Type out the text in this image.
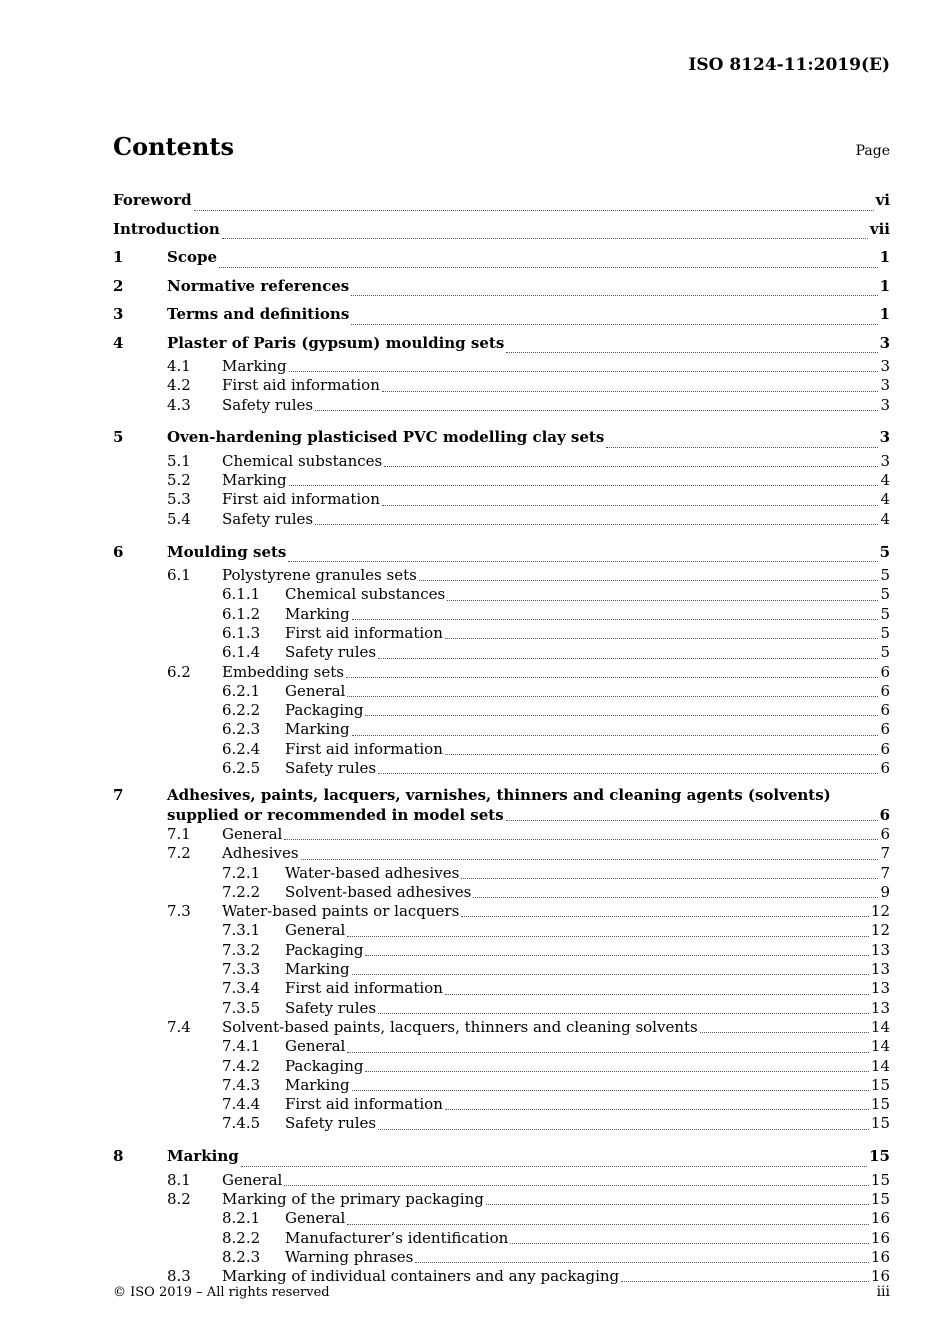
ISO 8124-11:2019(E)
Contents	Page
Foreword	vi
Introduction	vii
1	Scope	1
2	Normative references	1
3	Terms and definitions	1
4	Plaster of Paris (gypsum) moulding sets	3
4.1	Marking	3
4.2	First aid information	3
4.3	Safety rules	3
5	Oven-hardening plasticised PVC modelling clay sets	3
5.1	Chemical substances	3
5.2	Marking	4
5.3	First aid information	4
5.4	Safety rules	4
6	Moulding sets	5
6.1	Polystyrene granules sets	5
6.1.1	Chemical substances	5
6.1.2	Marking	5
6.1.3	First aid information	5
6.1.4	Safety rules	5
6.2	Embedding sets	6
6.2.1	General	6
6.2.2	Packaging	6
6.2.3	Marking	6
6.2.4	First aid information	6
6.2.5	Safety rules	6
7	Adhesives, paints, lacquers, varnishes, thinners and cleaning agents (solvents)
supplied or recommended in model sets	6
7.1	General	6
7.2	Adhesives	7
7.2.1	Water-based adhesives	7
7.2.2	Solvent-based adhesives	9
7.3	Water-based paints or lacquers	12
7.3.1	General	12
7.3.2	Packaging	13
7.3.3	Marking	13
7.3.4	First aid information	13
7.3.5	Safety rules	13
7.4	Solvent-based paints, lacquers, thinners and cleaning solvents	14
7.4.1	General	14
7.4.2	Packaging	14
7.4.3	Marking	15
7.4.4	First aid information	15
7.4.5	Safety rules	15
8	Marking	15
8.1	General	15
8.2	Marking of the primary packaging	15
8.2.1	General	16
8.2.2	Manufacturer’s identification	16
8.2.3	Warning phrases	16
8.3	Marking of individual containers and any packaging	16
© ISO 2019 – All rights reserved	iii
